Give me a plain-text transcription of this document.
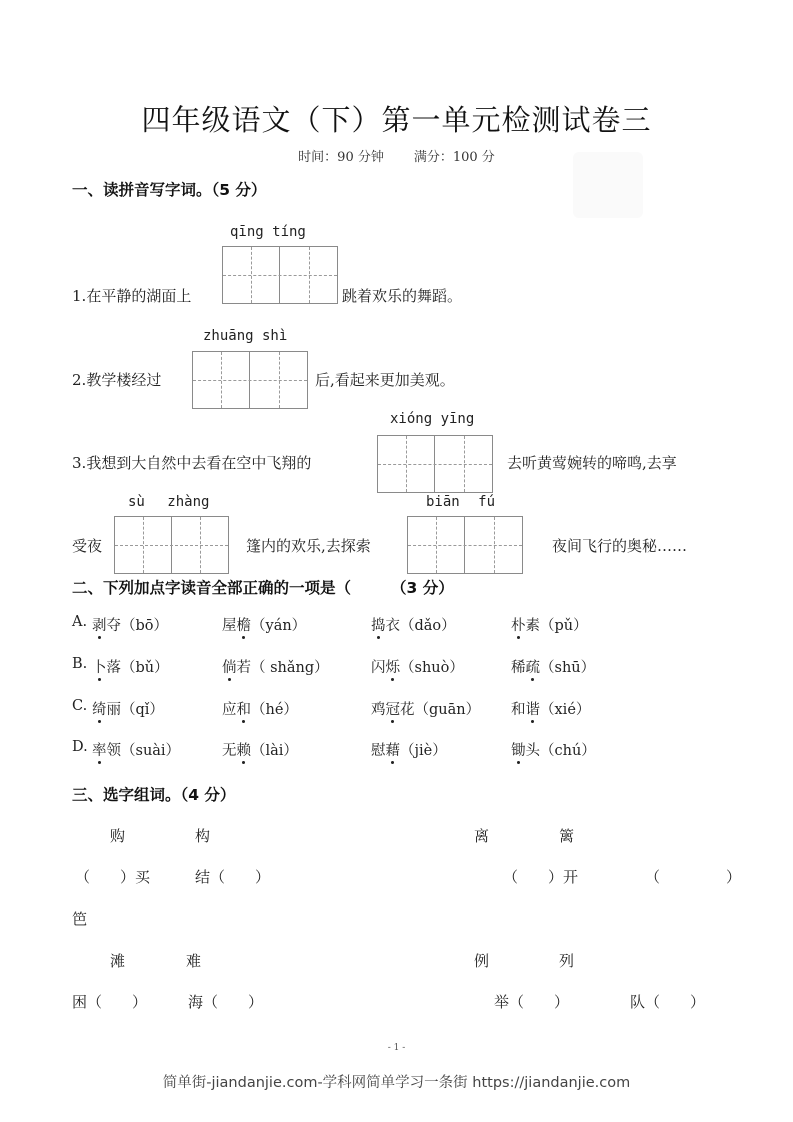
四年级语文（下）第一单元检测试卷三
时间：90 分钟 满分：100 分
一、读拼音写字词。（5 分）
qīng tíng
1.在平静的湖面上	跳着欢乐的舞蹈。
zhuāng shì
2.教学楼经过	后,看起来更加美观。
xióng yīng
3.我想到大自然中去看在空中飞翔的	去听黄莺婉转的啼鸣,去享
sù zhàng
受夜	篷内的欢乐,去探索
biān fú
夜间飞行的奥秘……
二、下列加点字读音全部正确的一项是（	（3 分）
A. 剥夺（bō）	屋檐（yán）	捣衣（dǎo）	朴素（pǔ）
B. 卜落（bǔ）	倘若（ shǎng）	闪烁（shuò）	稀疏（shū）
C. 绮丽（qǐ）	应和（hé）	鸡冠花（guān） 和谐（xié）
D. 率领（suài）	无赖（lài）	慰藉（jiè）	锄头（chú）
三、选字组词。（4 分）
购	构	离	篱
（　　）买	结（　　）	（　　）开	（　　）
笆
滩	难	例	列
困（　　）	海（　　）	举（　　）	队（　　）
- 1 -
简单街-jiandanjie.com-学科网简单学习一条街 https://jiandanjie.com
